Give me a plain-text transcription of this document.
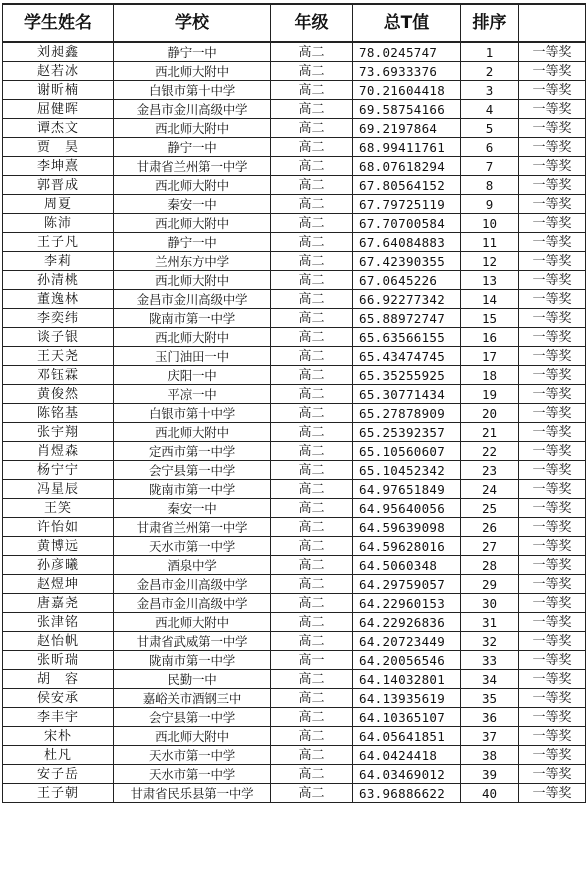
学生姓名	学校	年级	总T值	排序	
刘昶鑫	静宁一中	高二	78.0245747	1	一等奖
赵若冰	西北师大附中	高二	73.6933376	2	一等奖
谢昕楠	白银市第十中学	高二	70.21604418	3	一等奖
屈健晖	金昌市金川高级中学	高二	69.58754166	4	一等奖
谭杰文	西北师大附中	高二	69.2197864	5	一等奖
贾　昊	静宁一中	高二	68.99411761	6	一等奖
李坤熹	甘肃省兰州第一中学	高二	68.07618294	7	一等奖
郭晋成	西北师大附中	高二	67.80564152	8	一等奖
周夏	秦安一中	高二	67.79725119	9	一等奖
陈沛	西北师大附中	高二	67.70700584	10	一等奖
王子凡	静宁一中	高二	67.64084883	11	一等奖
李莉	兰州东方中学	高二	67.42390355	12	一等奖
孙清桃	西北师大附中	高二	67.0645226	13	一等奖
董逸林	金昌市金川高级中学	高二	66.92277342	14	一等奖
李奕纬	陇南市第一中学	高二	65.88972747	15	一等奖
谈子银	西北师大附中	高二	65.63566155	16	一等奖
王天尧	玉门油田一中	高二	65.43474745	17	一等奖
邓钰霖	庆阳一中	高二	65.35255925	18	一等奖
黄俊然	平凉一中	高二	65.30771434	19	一等奖
陈铭基	白银市第十中学	高二	65.27878909	20	一等奖
张宇翔	西北师大附中	高二	65.25392357	21	一等奖
肖煜森	定西市第一中学	高二	65.10560607	22	一等奖
杨宁宁	会宁县第一中学	高二	65.10452342	23	一等奖
冯星辰	陇南市第一中学	高二	64.97651849	24	一等奖
王笑	秦安一中	高二	64.95640056	25	一等奖
许怡如	甘肃省兰州第一中学	高二	64.59639098	26	一等奖
黄博远	天水市第一中学	高二	64.59628016	27	一等奖
孙彦曦	酒泉中学	高二	64.5060348	28	一等奖
赵煜坤	金昌市金川高级中学	高二	64.29759057	29	一等奖
唐嘉尧	金昌市金川高级中学	高二	64.22960153	30	一等奖
张津铭	西北师大附中	高二	64.22926836	31	一等奖
赵怡帆	甘肃省武威第一中学	高二	64.20723449	32	一等奖
张昕瑞	陇南市第一中学	高一	64.20056546	33	一等奖
胡　容	民勤一中	高二	64.14032801	34	一等奖
侯安承	嘉峪关市酒钢三中	高二	64.13935619	35	一等奖
李丰宇	会宁县第一中学	高二	64.10365107	36	一等奖
宋朴	西北师大附中	高二	64.05641851	37	一等奖
杜凡	天水市第一中学	高二	64.0424418	38	一等奖
安子岳	天水市第一中学	高二	64.03469012	39	一等奖
王子朝	甘肃省民乐县第一中学	高二	63.96886622	40	一等奖
